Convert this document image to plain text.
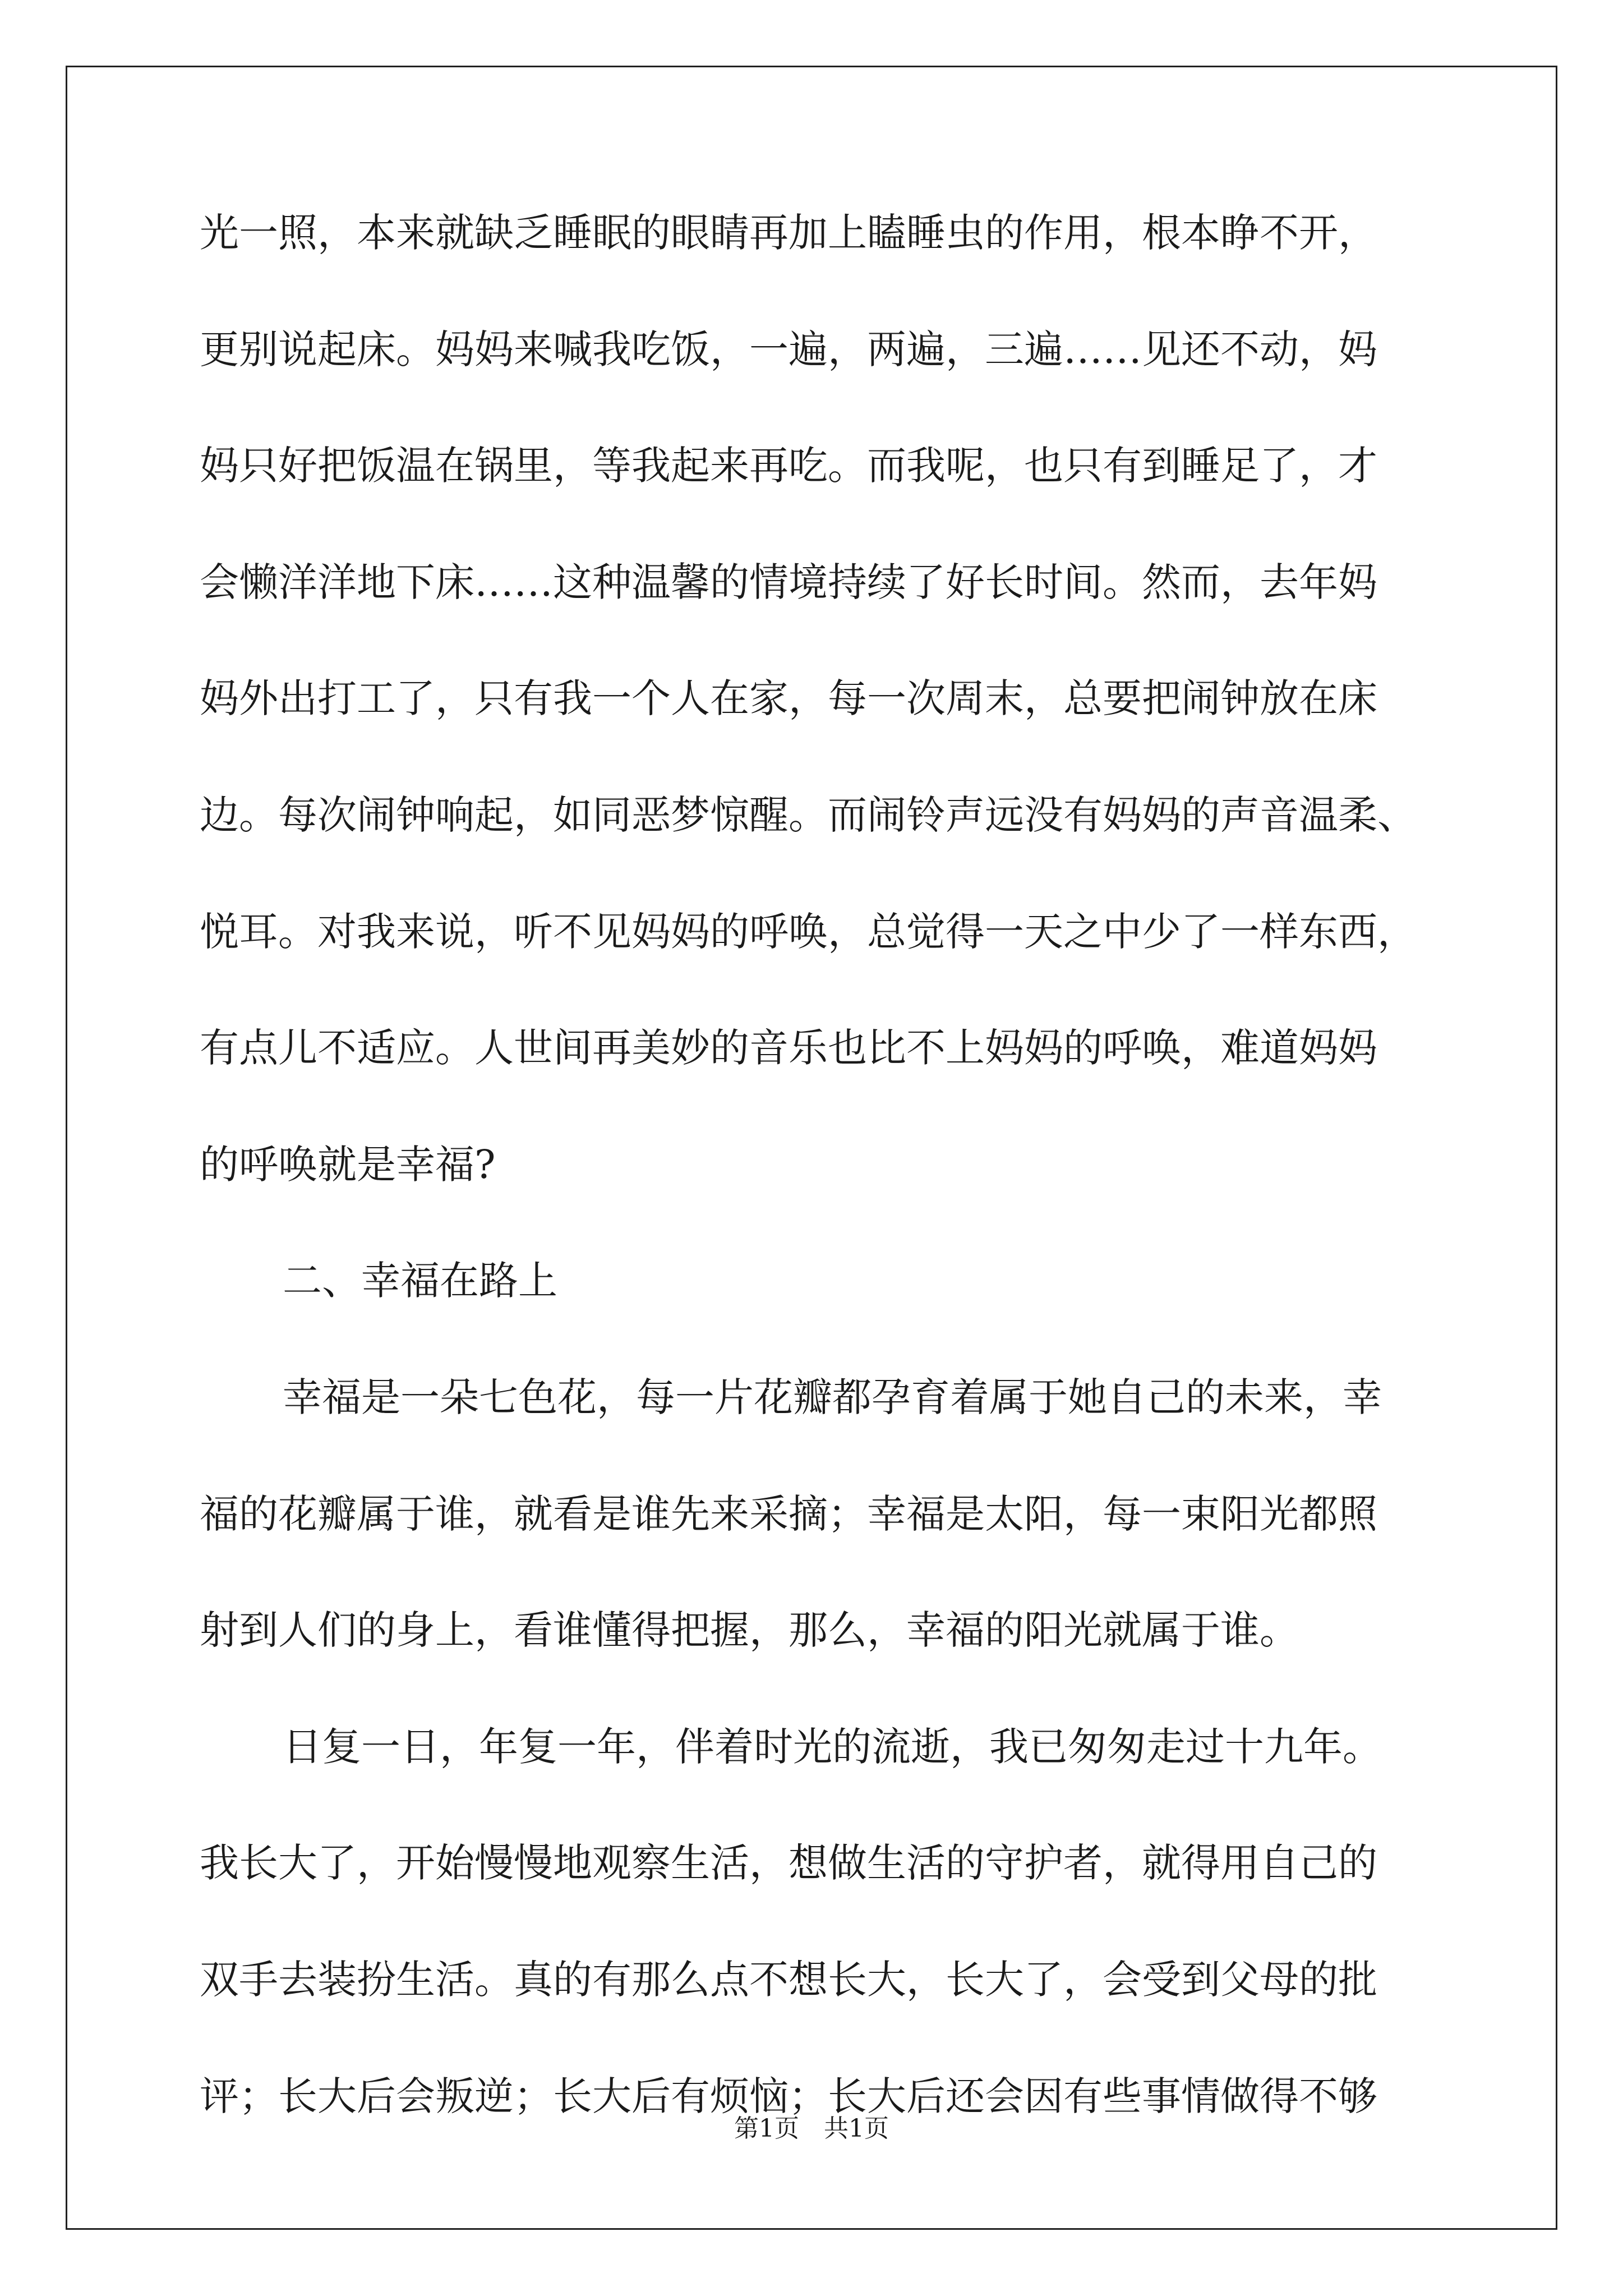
光一照，本来就缺乏睡眠的眼睛再加上瞌睡虫的作用，根本睁不开，
更别说起床。妈妈来喊我吃饭，一遍，两遍，三遍……见还不动，妈
妈只好把饭温在锅里，等我起来再吃。而我呢，也只有到睡足了，才
会懒洋洋地下床……这种温馨的情境持续了好长时间。然而，去年妈
妈外出打工了，只有我一个人在家，每一次周末，总要把闹钟放在床
边。每次闹钟响起，如同恶梦惊醒。而闹铃声远没有妈妈的声音温柔、
悦耳。对我来说，听不见妈妈的呼唤，总觉得一天之中少了一样东西，
有点儿不适应。人世间再美妙的音乐也比不上妈妈的呼唤，难道妈妈
的呼唤就是幸福?
二、幸福在路上
幸福是一朵七色花，每一片花瓣都孕育着属于她自己的未来，幸
福的花瓣属于谁，就看是谁先来采摘；幸福是太阳，每一束阳光都照
射到人们的身上，看谁懂得把握，那么，幸福的阳光就属于谁。
日复一日，年复一年，伴着时光的流逝，我已匆匆走过十九年。
我长大了，开始慢慢地观察生活，想做生活的守护者，就得用自己的
双手去装扮生活。真的有那么点不想长大，长大了，会受到父母的批
评；长大后会叛逆；长大后有烦恼；长大后还会因有些事情做得不够
第1页　共1页
